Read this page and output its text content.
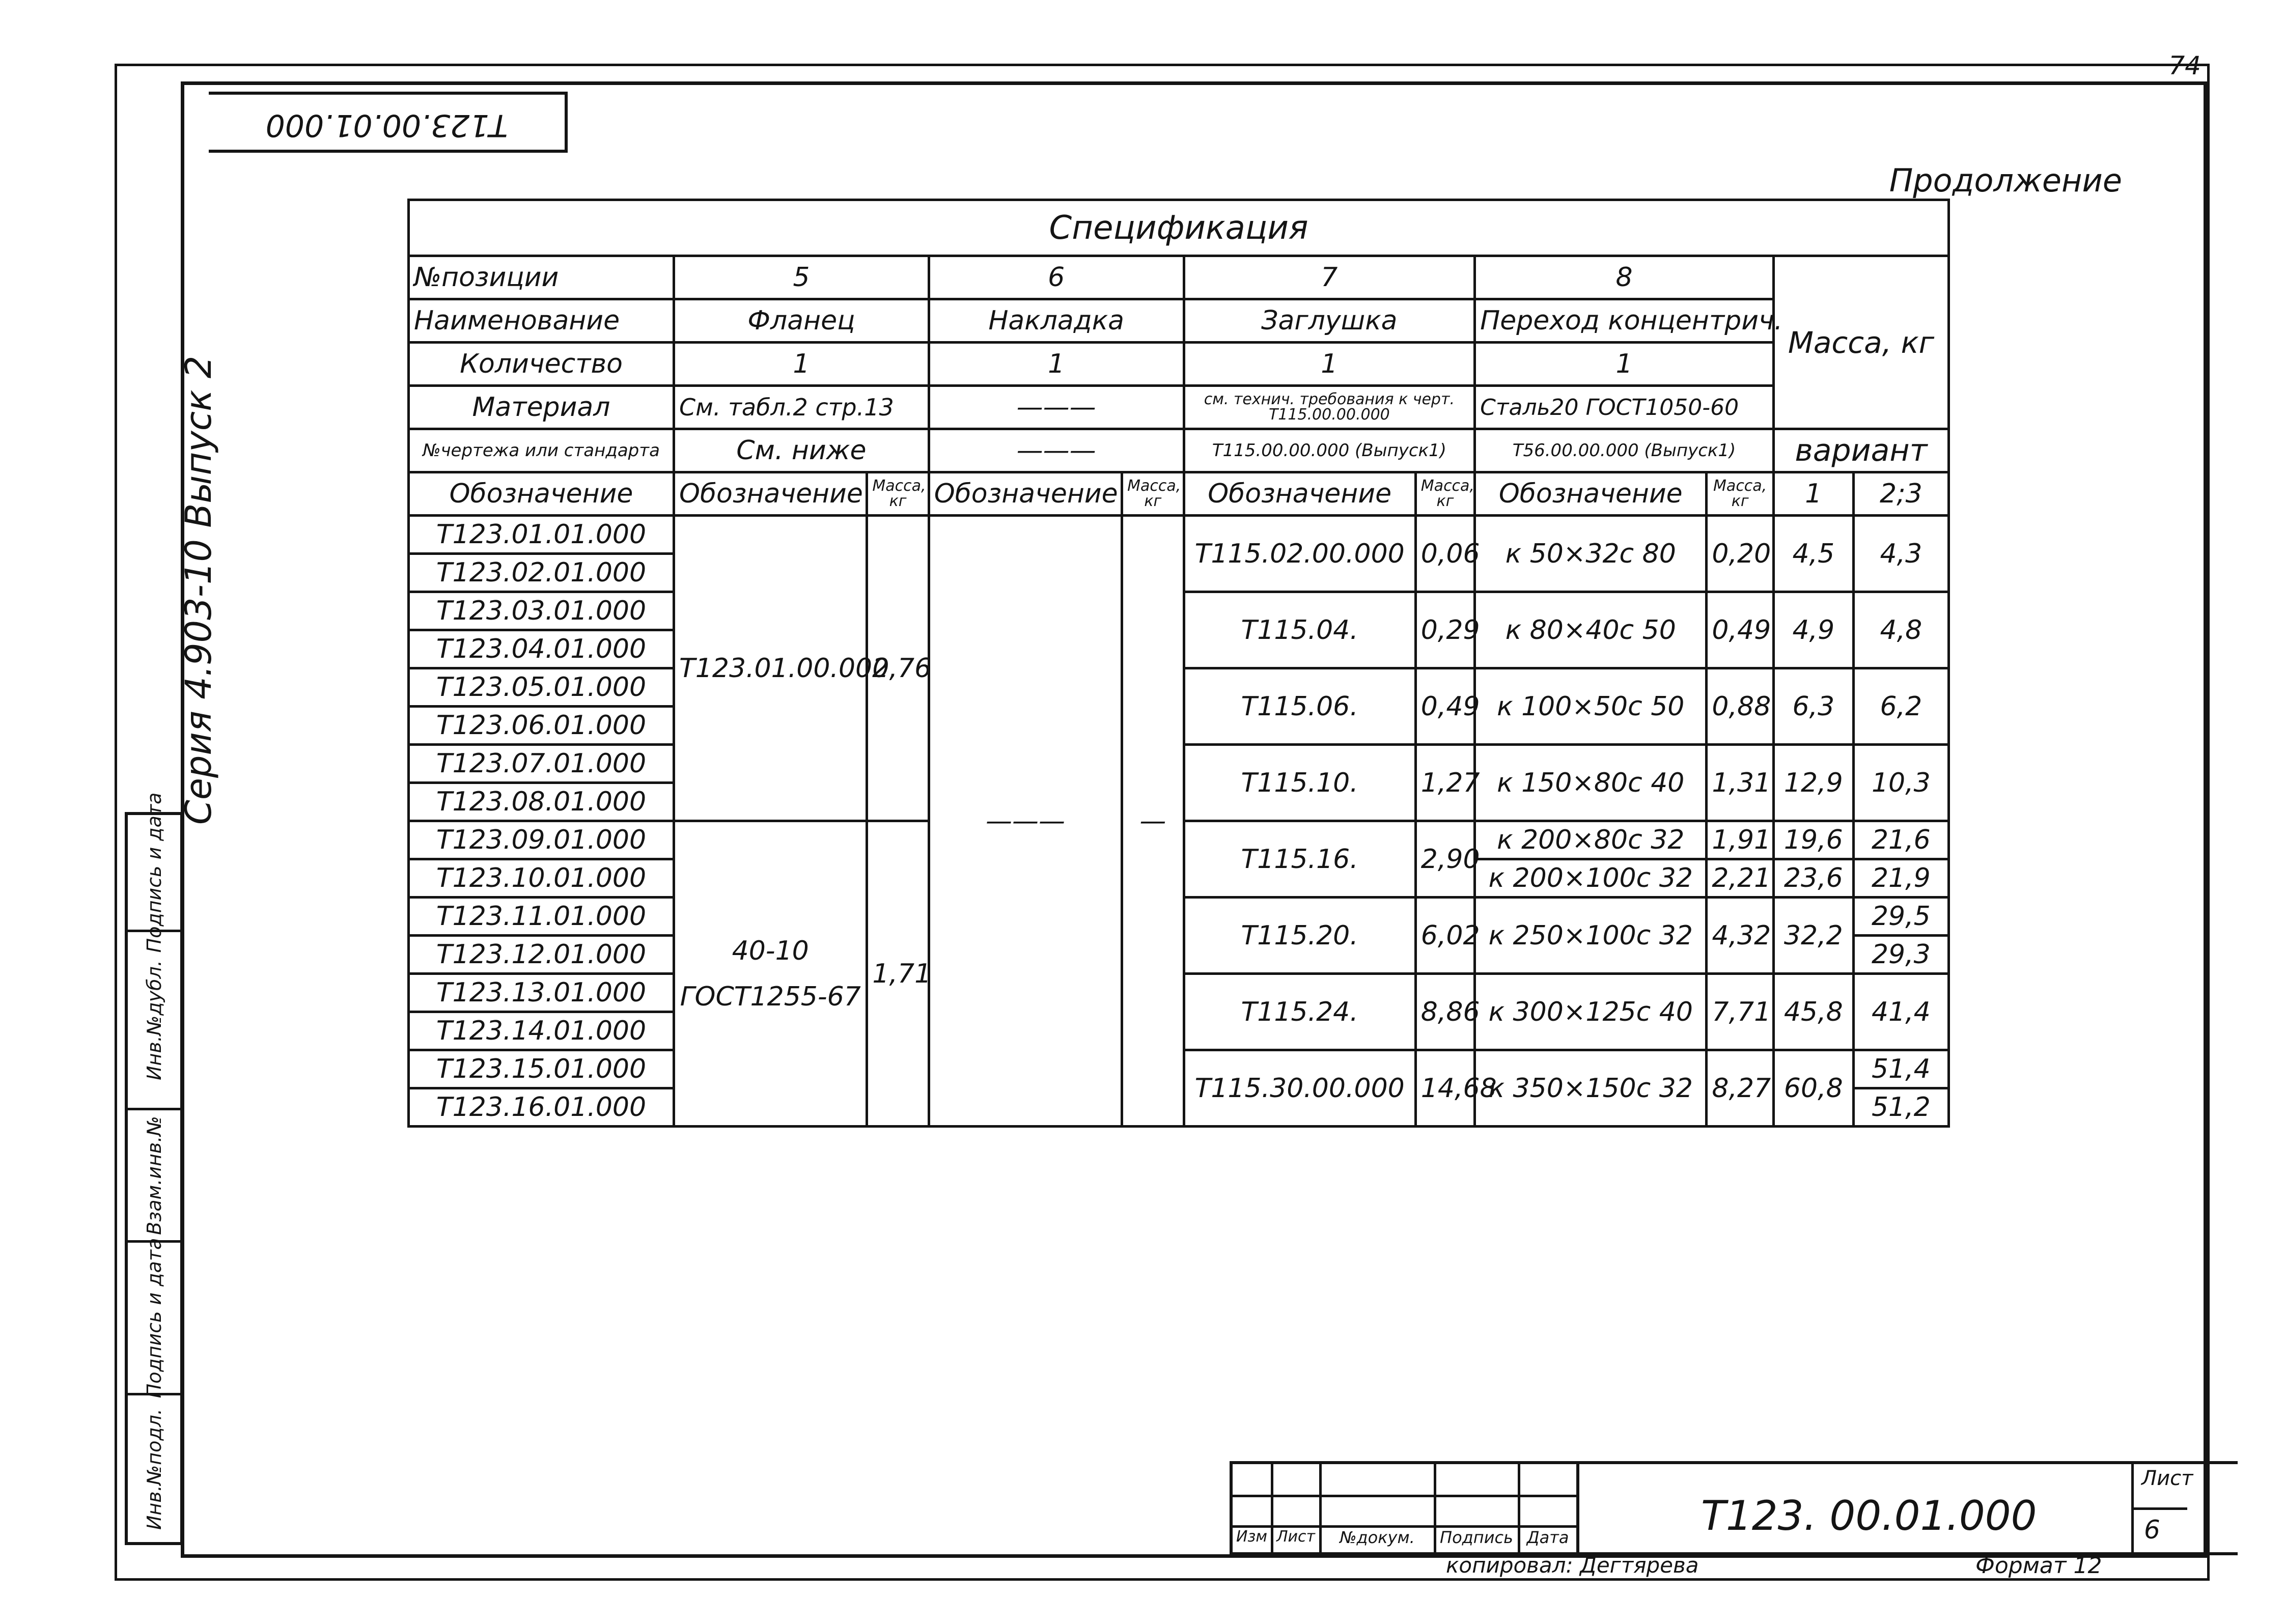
Т123.00.01.000
74
Продолжение
Серия 4.903-10 Выпуск 2
Подпись и дата
Инв.№дубл.
Взам.инв.№
Подпись и дата
Инв.№подл.
Спецификация										
№позиции	5		6		7		8		Масса, кг	
Наименование	Фланец		Накладка		Заглушка		Переход концентрич.			
Количество	1		1		1		1			
Материал	См. табл.2 стр.13		———		см. технич. требования к черт. Т115.00.00.000		Сталь20 ГОСТ1050-60			
№чертежа или стандарта	См. ниже		———		Т115.00.00.000 (Выпуск1)		Т56.00.00.000 (Выпуск1)		вариант	
Обозначение	Обозначение	Масса, кг	Обозначение	Масса, кг	Обозначение	Масса, кг	Обозначение	Масса, кг	1	2;3
Т123.01.01.000	Т123.01.00.002	0,76	———	—	Т115.02.00.000	0,06	к 50×32с 80	0,20	4,5	4,3
Т123.02.01.000										
Т123.03.01.000					Т115.04.	0,29	к 80×40с 50	0,49	4,9	4,8
Т123.04.01.000										
Т123.05.01.000					Т115.06.	0,49	к 100×50с 50	0,88	6,3	6,2
Т123.06.01.000										
Т123.07.01.000					Т115.10.	1,27	к 150×80с 40	1,31	12,9	10,3
Т123.08.01.000										
Т123.09.01.000	40-10 ГОСТ1255-67	1,71			Т115.16.	2,90	к 200×80с 32	1,91	19,6	21,6
Т123.10.01.000							к 200×100с 32	2,21	23,6	21,9
Т123.11.01.000					Т115.20.	6,02	к 250×100с 32	4,32	32,2	29,5
Т123.12.01.000										29,3
Т123.13.01.000					Т115.24.	8,86	к 300×125с 40	7,71	45,8	41,4
Т123.14.01.000										
Т123.15.01.000					Т115.30.00.000	14,68	к 350×150с 32	8,27	60,8	51,4
Т123.16.01.000										51,2
Изм Лист	№докум.	Подпись Дата	Т123. 00.01.000
Лист
6
копировал: Дегтярева	Формат 12
